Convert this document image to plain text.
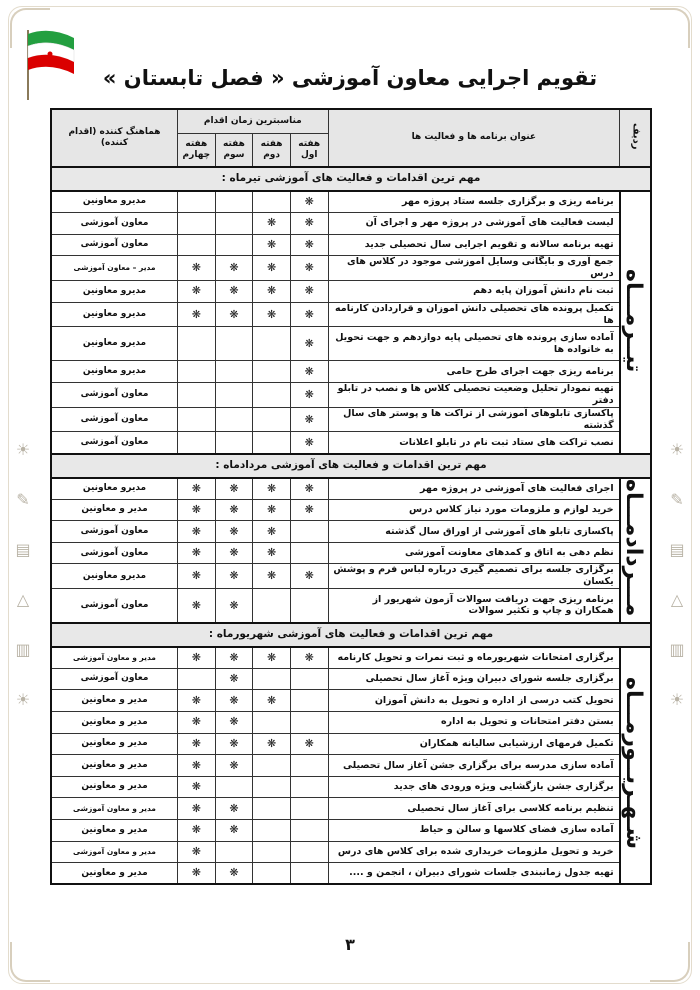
☀
✎
▤
△
▥
☀
☀
✎
▤
△
▥
☀
تقویم اجرایی معاون آموزشی « فصل تابستان »
ردیف	عنوان برنامه ها و فعالیت ها	مناسبترین زمان اقدام				هماهنگ کننده (اقدام کننده)
		هفته اول	هفته دوم	هفته سوم	هفته چهارم	
مهم ترین اقدامات و فعالیت های آموزشی تیرماه :						
تیــرمـــاه	برنامه ریزی و برگزاری جلسه ستاد پروژه مهر	❋				مدیرو معاونین
	لیست فعالیت های آموزشی در پروژه مهر و اجرای آن	❋	❋			معاون آموزشی
	تهیه برنامه سالانه و تقویم اجرایی سال تحصیلی جدید	❋	❋			معاون آموزشی
	جمع آوری و بایگانی وسایل آموزشی موجود در کلاس های درس	❋	❋	❋	❋	مدیر – معاون آموزشی
	ثبت نام دانش آموزان پایه دهم	❋	❋	❋	❋	مدیرو معاونین
	تکمیل پرونده های تحصیلی دانش آموزان و قراردادن کارنامه ها	❋	❋	❋	❋	مدیرو معاونین
	آماده سازی پرونده های تحصیلی پایه دوازدهم و جهت تحویل به خانواده ها	❋				مدیرو معاونین
	برنامه ریزی جهت اجرای طرح حامی	❋				مدیرو معاونین
	تهیه نمودار تحلیل وضعیت تحصیلی کلاس ها و نصب در تابلو دفتر	❋				معاون آموزشی
	پاکسازی تابلوهای آموزشی از تراکت ها و پوستر های سال گذشته	❋				معاون آموزشی
	نصب تراکت های ستاد ثبت نام در تابلو اعلانات	❋				معاون آموزشی
مهم ترین اقدامات و فعالیت های آموزشی مردادماه :						
مـــردادمـــاه	اجرای فعالیت های آموزشی در پروژه مهر	❋	❋	❋	❋	مدیرو معاونین
	خرید لوازم و ملزومات مورد نیاز کلاس درس	❋	❋	❋	❋	مدیر و معاونین
	پاکسازی تابلو های آموزشی از اوراق سال گذشته		❋	❋	❋	معاون آموزشی
	نظم دهی به اتاق و کمدهای معاونت آموزشی		❋	❋	❋	معاون آموزشی
	برگزاری جلسه برای تصمیم گیری درباره لباس فرم و پوشش یکسان	❋	❋	❋	❋	مدیرو معاونین
	برنامه ریزی جهت دریافت سوالات آزمون شهریور از همکاران و چاپ و تکثیر سوالات			❋	❋	معاون آموزشی
مهم ترین اقدامات و فعالیت های آموزشی شهریورماه :						
شـهـریــورمـــاه	برگزاری امتحانات شهریورماه و ثبت نمرات و تحویل کارنامه	❋	❋	❋	❋	مدیر و معاون آموزشی
	برگزاری جلسه شورای دبیران ویژه آغاز سال تحصیلی			❋		معاون آموزشی
	تحویل کتب درسی از اداره و تحویل به دانش آموزان		❋	❋	❋	مدیر و معاونین
	بستن دفتر امتحانات و تحویل به اداره			❋	❋	مدیر و معاونین
	تکمیل فرمهای ارزشیابی سالیانه همکاران	❋	❋	❋	❋	مدیر و معاونین
	آماده سازی مدرسه برای برگزاری جشن آغاز سال تحصیلی			❋	❋	مدیر و معاونین
	برگزاری جشن بازگشایی ویژه ورودی های جدید				❋	مدیر و معاونین
	تنظیم برنامه کلاسی برای آغاز سال تحصیلی			❋	❋	مدیر و معاون آموزشی
	آماده سازی فضای کلاسها و سالن و حیاط			❋	❋	مدیر و معاونین
	خرید و تحویل ملزومات خریداری شده برای کلاس های درس				❋	مدیر و معاون آموزشی
	تهیه جدول زمانبندی جلسات شورای دبیران ، انجمن و ....			❋	❋	مدیر و معاونین
۳
